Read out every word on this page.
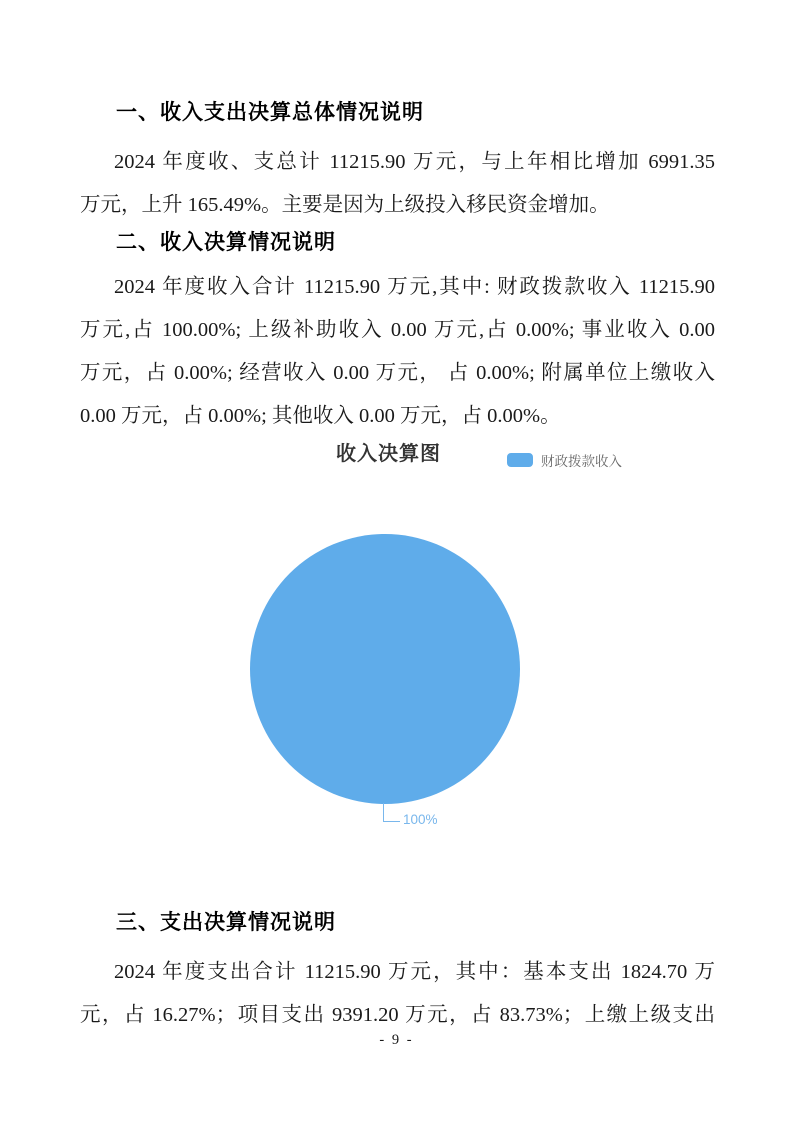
一、收入支出决算总体情况说明
2024 年度收、支总计 11215.90 万元，与上年相比增加 6991.35
万元，上升 165.49%。主要是因为上级投入移民资金增加。
二、收入决算情况说明
2024 年度收入合计 11215.90 万元,其中: 财政拨款收入 11215.90
万元,占 100.00%; 上级补助收入 0.00 万元,占 0.00%; 事业收入 0.00
万元，占 0.00%; 经营收入 0.00 万元， 占 0.00%; 附属单位上缴收入
0.00 万元，占 0.00%; 其他收入 0.00 万元，占 0.00%。
收入决算图	财政拨款收入
100%
三、支出决算情况说明
2024 年度支出合计 11215.90 万元，其中：基本支出 1824.70 万
元，占 16.27%；项目支出 9391.20 万元，占 83.73%；上缴上级支出
- 9 -
